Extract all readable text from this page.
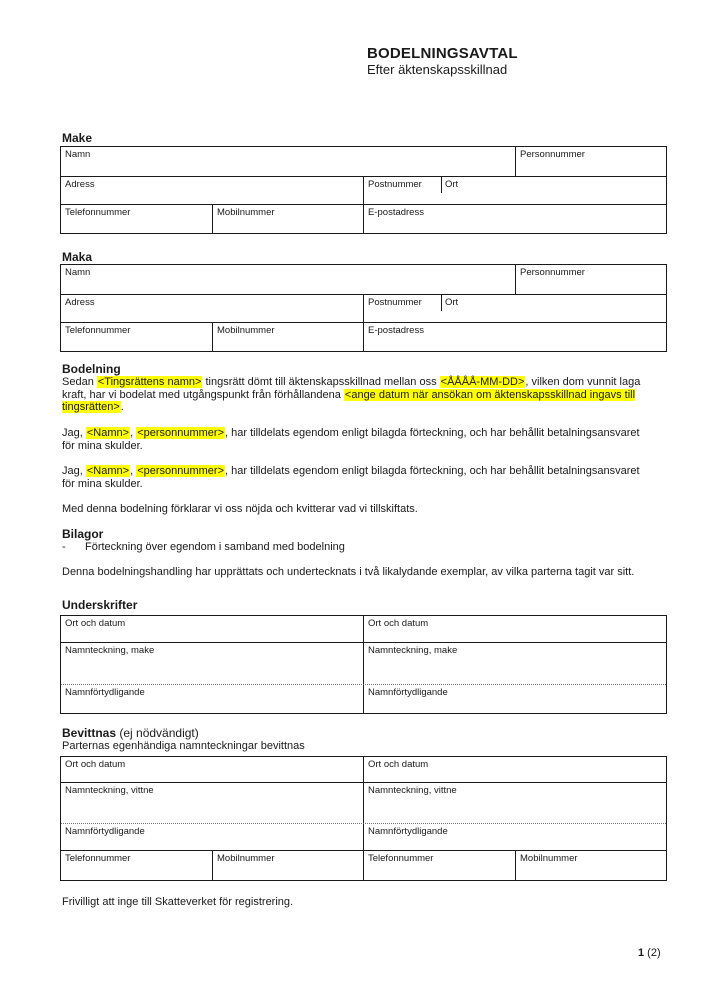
BODELNINGSAVTAL
Efter äktenskapsskillnad
Make
Namn	Personnummer
Adress	Postnummer	Ort
Telefonnummer	Mobilnummer	E-postadress
Maka
Namn	Personnummer
Adress	Postnummer	Ort
Telefonnummer	Mobilnummer	E-postadress
Bodelning
Sedan <Tingsrättens namn> tingsrätt dömt till äktenskapsskillnad mellan oss <ÅÅÅÅ-MM-DD>, vilken dom vunnit laga kraft, har vi bodelat med utgångspunkt från förhållandena <ange datum när ansökan om äktenskapsskillnad ingavs till tingsrätten>.
Jag, <Namn>, <personnummer>, har tilldelats egendom enligt bilagda förteckning, och har behållit betalningsansvaret för mina skulder.
Jag, <Namn>, <personnummer>, har tilldelats egendom enligt bilagda förteckning, och har behållit betalningsansvaret för mina skulder.
Med denna bodelning förklarar vi oss nöjda och kvitterar vad vi tillskiftats.
Bilagor
-	Förteckning över egendom i samband med bodelning
Denna bodelningshandling har upprättats och undertecknats i två likalydande exemplar, av vilka parterna tagit var sitt.
Underskrifter
Ort och datum	Ort och datum
Namnteckning, make	Namnteckning, make
Namnförtydligande	Namnförtydligande
Bevittnas (ej nödvändigt)
Parternas egenhändiga namnteckningar bevittnas
Ort och datum	Ort och datum
Namnteckning, vittne	Namnteckning, vittne
Namnförtydligande	Namnförtydligande
Telefonnummer	Mobilnummer	Telefonnummer	Mobilnummer
Frivilligt att inge till Skatteverket för registrering.
1 (2)
